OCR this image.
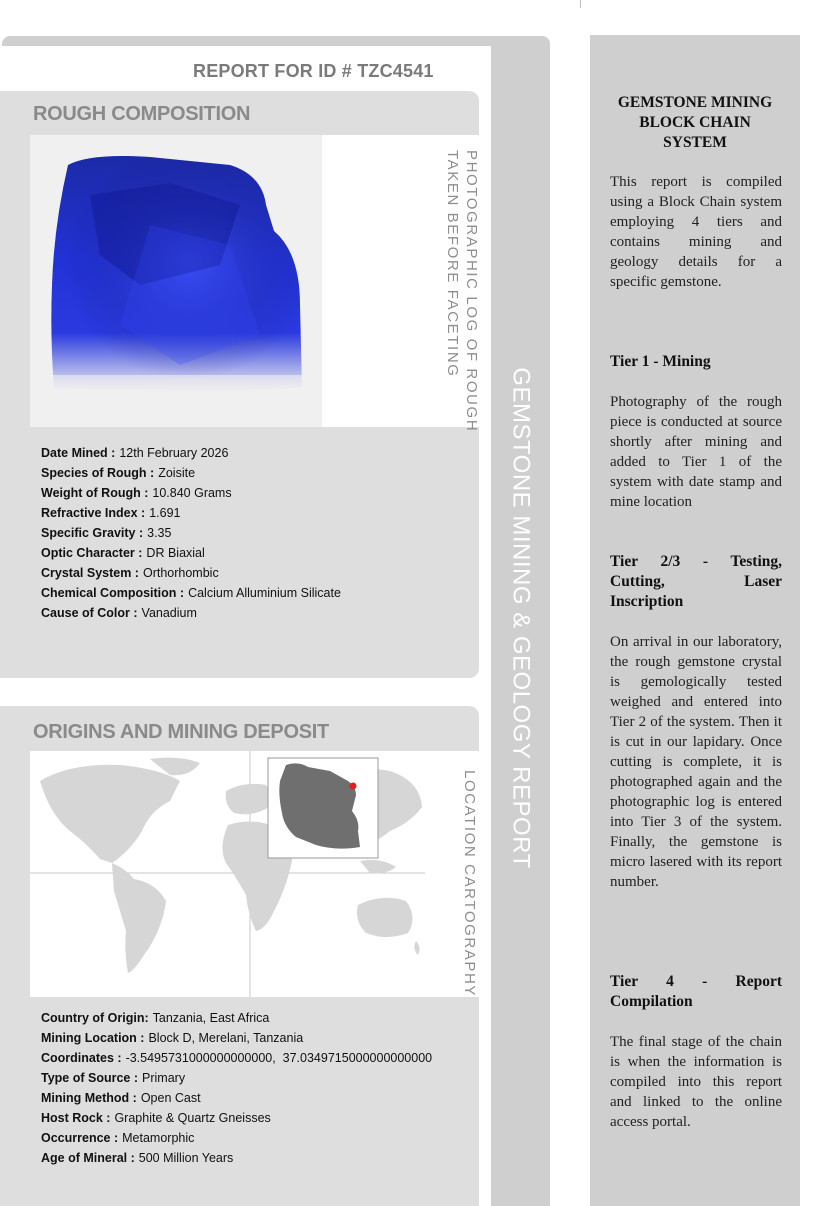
GEMSTONE MINING & GEOLOGY REPORT
REPORT FOR ID # TZC4541
ROUGH COMPOSITION
PHOTOGRAPHIC LOG OF ROUGH
TAKEN BEFORE FACETING
Date Mined : 12th February 2026
Species of Rough : Zoisite
Weight of Rough : 10.840 Grams
Refractive Index : 1.691
Specific Gravity : 3.35
Optic Character : DR Biaxial
Crystal System : Orthorhombic
Chemical Composition : Calcium Alluminium Silicate
Cause of Color : Vanadium
ORIGINS AND MINING DEPOSIT
LOCATION CARTOGRAPHY
Country of Origin: Tanzania, East Africa
Mining Location : Block D, Merelani, Tanzania
Coordinates : -3.5495731000000000000,  37.0349715000000000000
Type of Source : Primary
Mining Method : Open Cast
Host Rock : Graphite & Quartz Gneisses
Occurrence : Metamorphic
Age of Mineral : 500 Million Years
GEMSTONE MINING BLOCK CHAIN SYSTEM
This report is compiled using a Block Chain system employing 4 tiers and contains mining and geology details for a specific gemstone.
Tier 1 - Mining
Photography of the rough piece is conducted at source shortly after mining and added to Tier 1 of the system with date stamp and mine location
Tier 2/3 - Testing, Cutting, Laser Inscription
On arrival in our laboratory, the rough gemstone crystal is gemologically tested weighed and entered into Tier 2 of the system. Then it is cut in our lapidary. Once cutting is complete, it is photographed again and the photographic log is entered into Tier 3 of the system. Finally, the gemstone is micro lasered with its report number.
Tier 4 - Report Compilation
The final stage of the chain is when the information is compiled into this report and linked to the online access portal.
